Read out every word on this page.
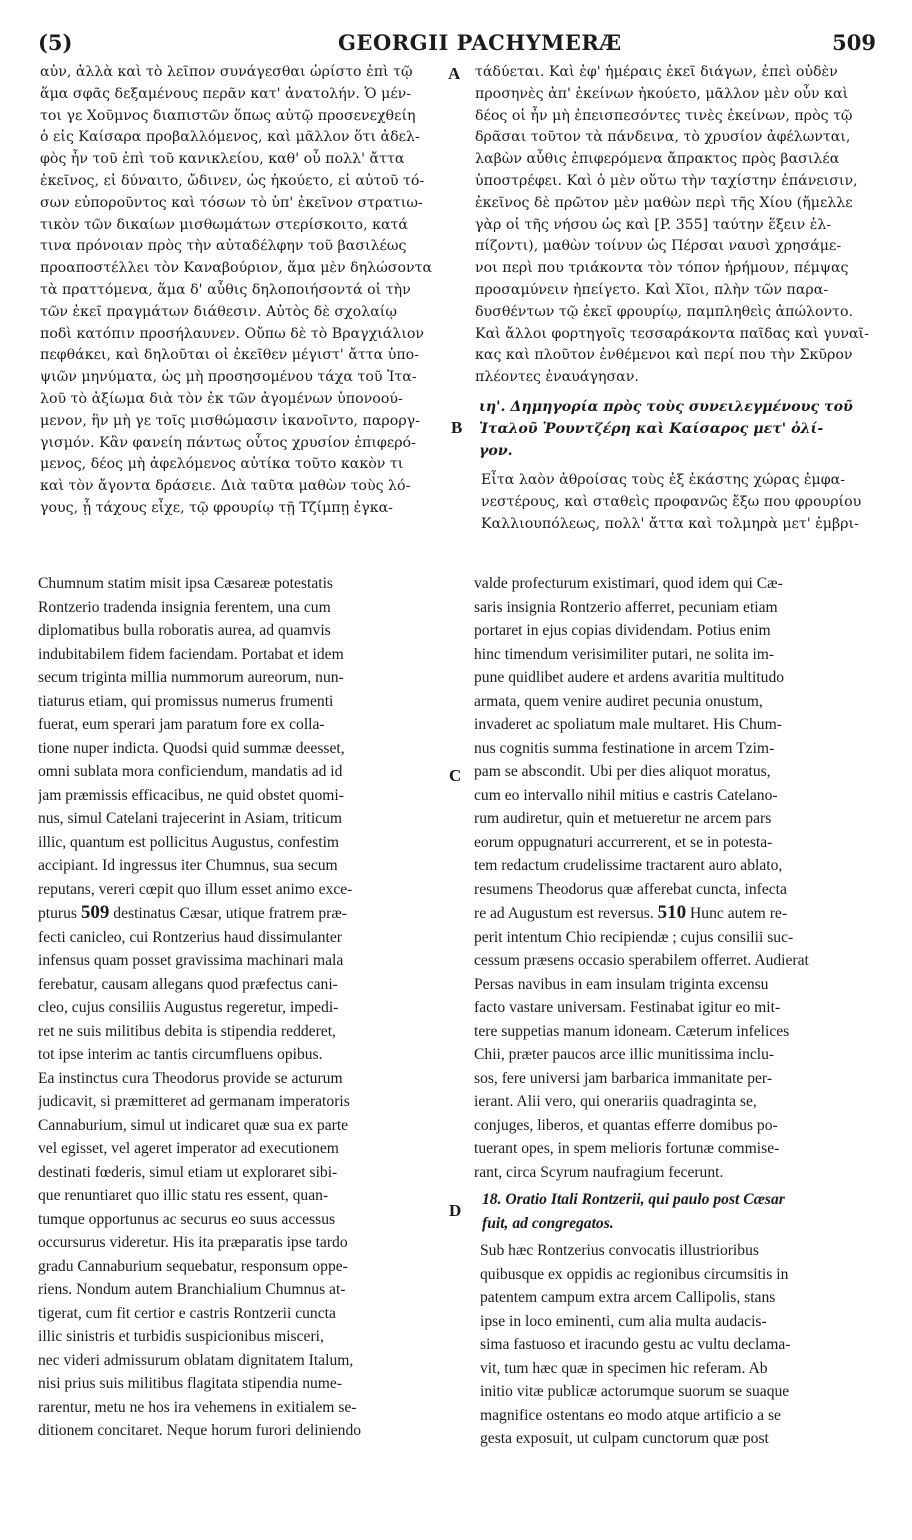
(5)	GEORGII PACHYMERÆ	509
A
B
C
D
αὐν, ἀλλὰ καὶ τὸ λεῖπον συνάγεσθαι ὡρίστο ἐπὶ τῷ
ἅμα σφᾶς δεξαμένους περᾶν κατ' ἀνατολήν. Ὁ μέν-
τοι γε Χοῦμνος διαπιστῶν ὅπως αὐτῷ προσενεχθείη
ὁ εἰς Καίσαρα προβαλλόμενος, καὶ μᾶλλον ὅτι ἀδελ-
φὸς ἦν τοῦ ἐπὶ τοῦ κανικλείου, καθ' οὗ πολλ' ἄττα
ἐκεῖνος, εἰ δύναιτο, ὤδινεν, ὡς ἠκούετο, εἰ αὐτοῦ τό-
σων εὐποροῦντος καὶ τόσων τὸ ὑπ' ἐκεῖνον στρατιω-
τικὸν τῶν δικαίων μισθωμάτων στερίσκοιτο, κατά
τινα πρόνοιαν πρὸς τὴν αὐταδέλφην τοῦ βασιλέως
προαποστέλλει τὸν Καναβούριον, ἅμα μὲν δηλώσοντα
τὰ πραττόμενα, ἅμα δ' αὖθις δηλοποιήσοντά οἱ τὴν
τῶν ἐκεῖ πραγμάτων διάθεσιν. Αὐτὸς δὲ σχολαίῳ
ποδὶ κατόπιν προσήλαυνεν. Οὔπω δὲ τὸ Βραγχιάλιον
πεφθάκει, καὶ δηλοῦται οἱ ἐκεῖθεν μέγιστ' ἄττα ὑπο-
ψιῶν μηνύματα, ὡς μὴ προσησομένου τάχα τοῦ Ἰτα-
λοῦ τὸ ἀξίωμα διὰ τὸν ἐκ τῶν ἀγομένων ὑπονοού-
μενον, ἣν μὴ γε τοῖς μισθώμασιν ἱκανοῖντο, παροργ-
γισμόν. Κἂν φανείη πάντως οὗτος χρυσίον ἐπιφερό-
μενος, δέος μὴ ἀφελόμενος αὐτίκα τοῦτο κακὸν τι
καὶ τὸν ἄγοντα δράσειε. Διὰ ταῦτα μαθὼν τοὺς λό-
γους, ᾗ τάχους εἶχε, τῷ φρουρίῳ τῇ Τζίμπῃ ἐγκα-
τάδύεται. Καὶ ἐφ' ἡμέραις ἐκεῖ διάγων, ἐπεὶ οὐδὲν
προσηνὲς ἀπ' ἐκείνων ἠκούετο, μᾶλλον μὲν οὖν καὶ
δέος οἱ ἦν μὴ ἐπεισπεσόντες τινὲς ἐκείνων, πρὸς τῷ
δρᾶσαι τοῦτον τὰ πάνδεινα, τὸ χρυσίον ἀφέλωνται,
λαβὼν αὖθις ἐπιφερόμενα ἄπρακτος πρὸς βασιλέα
ὑποστρέφει. Καὶ ὁ μὲν οὕτω τὴν ταχίστην ἐπάνεισιν,
ἐκεῖνος δὲ πρῶτον μὲν μαθὼν περὶ τῆς Χίου (ἤμελλε
γὰρ οἱ τῆς νήσου ὡς καὶ [P. 355] ταύτην ἕξειν ἐλ-
πίζοντι), μαθὼν τοίνυν ὡς Πέρσαι ναυσὶ χρησάμε-
νοι περὶ που τριάκοντα τὸν τόπον ἠρήμουν, πέμψας
προσαμύνειν ἠπείγετο. Καὶ Χῖοι, πλὴν τῶν παρα-
δυσθέντων τῷ ἐκεῖ φρουρίῳ, παμπληθεὶς ἀπώλοντο.
Καὶ ἄλλοι φορτηγοῖς τεσσαράκοντα παῖδας καὶ γυναῖ-
κας καὶ πλοῦτον ἐνθέμενοι καὶ περί που τὴν Σκῦρον
πλέοντες ἐναυάγησαν.
ιη'. Δημηγορία πρὸς τοὺς συνειλεγμένους τοῦ
Ἰταλοῦ Ῥουντζέρη καὶ Καίσαρος μετ' ὀλί-
γον.
Εἶτα λαὸν ἀθροίσας τοὺς ἐξ ἑκάστης χώρας ἐμφα-
νεστέρους, καὶ σταθεὶς προφανῶς ἔξω που φρουρίου
Καλλιουπόλεως, πολλ' ἄττα καὶ τολμηρὰ μετ' ἐμβρι-
Chumnum statim misit ipsa Cæsareæ potestatis
Rontzerio tradenda insignia ferentem, una cum
diplomatibus bulla roboratis aurea, ad quamvis
indubitabilem fidem faciendam. Portabat et idem
secum triginta millia nummorum aureorum, nun-
tiaturus etiam, qui promissus numerus frumenti
fuerat, eum sperari jam paratum fore ex colla-
tione nuper indicta. Quodsi quid summæ deesset,
omni sublata mora conficiendum, mandatis ad id
jam præmissis efficacibus, ne quid obstet quomi-
nus, simul Catelani trajecerint in Asiam, triticum
illic, quantum est pollicitus Augustus, confestim
accipiant. Id ingressus iter Chumnus, sua secum
reputans, vereri cœpit quo illum esset animo exce-
pturus 509 destinatus Cæsar, utique fratrem præ-
fecti canicleo, cui Rontzerius haud dissimulanter
infensus quam posset gravissima machinari mala
ferebatur, causam allegans quod præfectus cani-
cleo, cujus consiliis Augustus regeretur, impedi-
ret ne suis militibus debita is stipendia redderet,
tot ipse interim ac tantis circumfluens opibus.
Ea instinctus cura Theodorus provide se acturum
judicavit, si præmitteret ad germanam imperatoris
Cannaburium, simul ut indicaret quæ sua ex parte
vel egisset, vel ageret imperator ad executionem
destinati fœderis, simul etiam ut exploraret sibi-
que renuntiaret quo illic statu res essent, quan-
tumque opportunus ac securus eo suus accessus
occursurus videretur. His ita præparatis ipse tardo
gradu Cannaburium sequebatur, responsum oppe-
riens. Nondum autem Branchialium Chumnus at-
tigerat, cum fit certior e castris Rontzerii cuncta
illic sinistris et turbidis suspicionibus misceri,
nec videri admissurum oblatam dignitatem Italum,
nisi prius suis militibus flagitata stipendia nume-
rarentur, metu ne hos ira vehemens in exitialem se-
ditionem concitaret. Neque horum furori deliniendo
valde profecturum existimari, quod idem qui Cæ-
saris insignia Rontzerio afferret, pecuniam etiam
portaret in ejus copias dividendam. Potius enim
hinc timendum verisimiliter putari, ne solita im-
pune quidlibet audere et ardens avaritia multitudo
armata, quem venire audiret pecunia onustum,
invaderet ac spoliatum male multaret. His Chum-
nus cognitis summa festinatione in arcem Tzim-
pam se abscondit. Ubi per dies aliquot moratus,
cum eo intervallo nihil mitius e castris Catelano-
rum audiretur, quin et metueretur ne arcem pars
eorum oppugnaturi accurrerent, et se in potesta-
tem redactum crudelissime tractarent auro ablato,
resumens Theodorus quæ afferebat cuncta, infecta
re ad Augustum est reversus. 510 Hunc autem re-
perit intentum Chio recipiendæ ; cujus consilii suc-
cessum præsens occasio sperabilem offerret. Audierat
Persas navibus in eam insulam triginta excensu
facto vastare universam. Festinabat igitur eo mit-
tere suppetias manum idoneam. Cæterum infelices
Chii, præter paucos arce illic munitissima inclu-
sos, fere universi jam barbarica immanitate per-
ierant. Alii vero, qui onerariis quadraginta se,
conjuges, liberos, et quantas efferre domibus po-
tuerant opes, in spem melioris fortunæ commise-
rant, circa Scyrum naufragium fecerunt.
18. Oratio Itali Rontzerii, qui paulo post Cæsar
fuit, ad congregatos.
Sub hæc Rontzerius convocatis illustrioribus
quibusque ex oppidis ac regionibus circumsitis in
patentem campum extra arcem Callipolis, stans
ipse in loco eminenti, cum alia multa audacis-
sima fastuoso et iracundo gestu ac vultu declama-
vit, tum hæc quæ in specimen hic referam. Ab
initio vitæ publicæ actorumque suorum se suaque
magnifice ostentans eo modo atque artificio a se
gesta exposuit, ut culpam cunctorum quæ post
